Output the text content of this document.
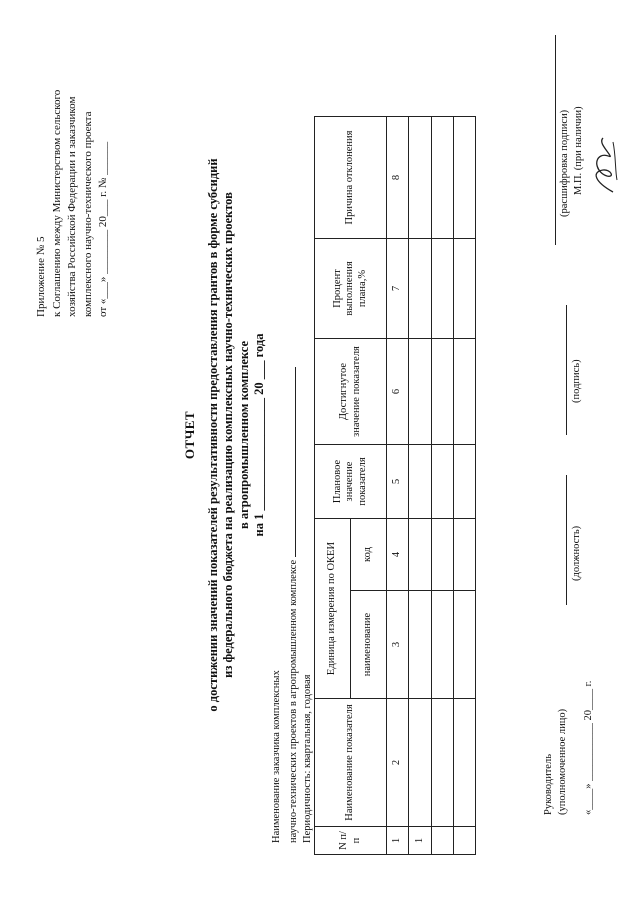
Приложение № 5 к Соглашению между Министерством сельского хозяйства Российской Федерации и заказчиком комплексного научно-технического проекта от «___» ________ 20___ г. № ______
ОТЧЕТ о достижении значений показателей результативности предоставления грантов в форме субсидий из федерального бюджета на реализацию комплексных научно-технических проектов в агропромышленном комплексе на 1 __________________ 20 ___ года
Наименование заказчика комплексных научно-технических проектов в агропромышленном комплексе Периодичность: квартальная, годовая N п/п	Наименование показателя	Единица измерения по ОКЕИ		Плановое значение показателя	Достигнутое значение показателя	Процент выполнения плана,%	Причина отклонения
		наименование	код				
1	2	3	4	5	6	7	8
1							

Руководитель (уполномоченное лицо)
(должность)
(подпись)
(расшифровка подписи) М.П. (при наличии)
«____» ___________ 20____ г.
